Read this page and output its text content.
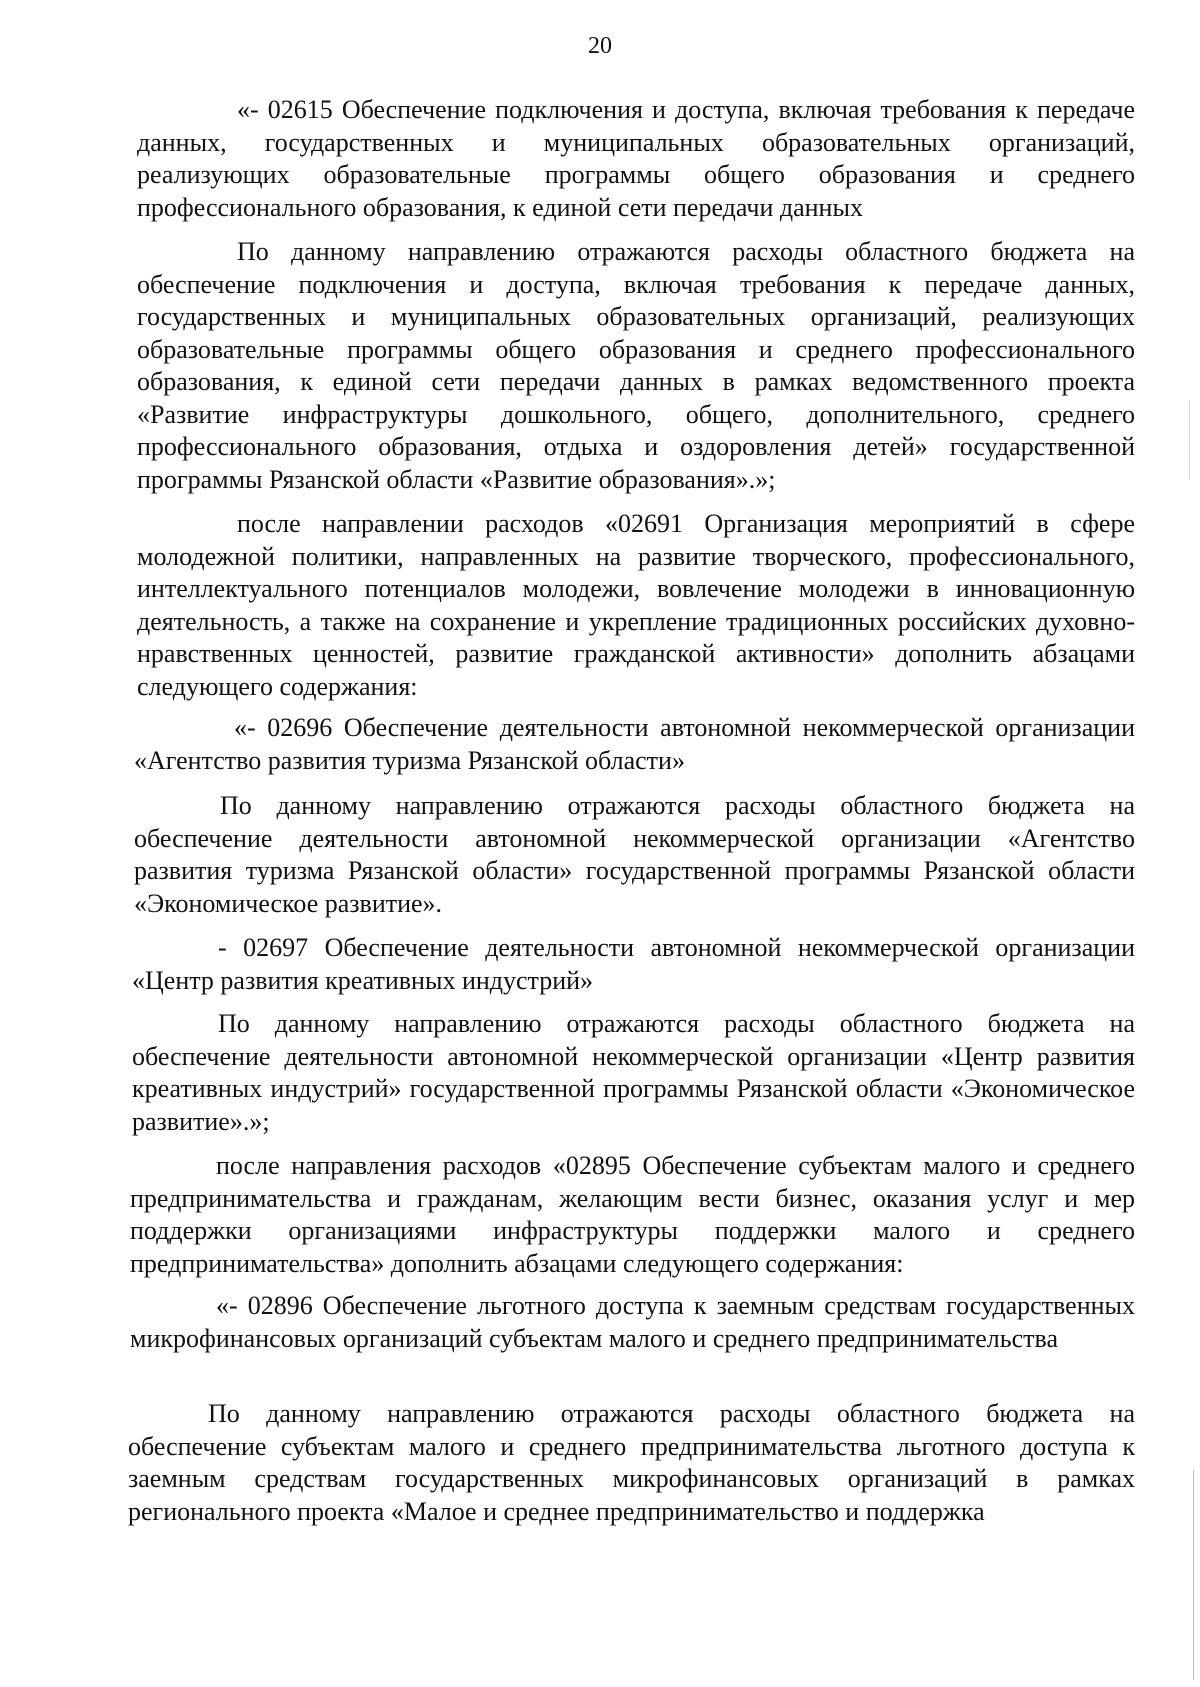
20

«- 02615 Обеспечение подключения и доступа, включая требования к передаче данных, государственных и муниципальных образовательных организаций, реализующих образовательные программы общего образования и среднего профессионального образования, к единой сети передачи данных

По данному направлению отражаются расходы областного бюджета на обеспечение подключения и доступа, включая требования к передаче данных, государственных и муниципальных образовательных организаций, реализующих образовательные программы общего образования и среднего профессионального образования, к единой сети передачи данных в рамках ведомственного проекта «Развитие инфраструктуры дошкольного, общего, дополнительного, среднего профессионального образования, отдыха и оздоровления детей» государственной программы Рязанской области «Развитие образования».»;

после направлении расходов «02691 Организация мероприятий в сфере молодежной политики, направленных на развитие творческого, профессионального, интеллектуального потенциалов молодежи, вовлечение молодежи в инновационную деятельность, а также на сохранение и укрепление традиционных российских духовно-нравственных ценностей, развитие гражданской активности» дополнить абзацами следующего содержания:

«- 02696 Обеспечение деятельности автономной некоммерческой организации «Агентство развития туризма Рязанской области»

По данному направлению отражаются расходы областного бюджета на обеспечение деятельности автономной некоммерческой организации «Агентство развития туризма Рязанской области» государственной программы Рязанской области «Экономическое развитие».

- 02697 Обеспечение деятельности автономной некоммерческой организации «Центр развития креативных индустрий»

По данному направлению отражаются расходы областного бюджета на обеспечение деятельности автономной некоммерческой организации «Центр развития креативных индустрий» государственной программы Рязанской области «Экономическое развитие».»;

после направления расходов «02895 Обеспечение субъектам малого и среднего предпринимательства и гражданам, желающим вести бизнес, оказания услуг и мер поддержки организациями инфраструктуры поддержки малого и среднего предпринимательства» дополнить абзацами следующего содержания:

«- 02896 Обеспечение льготного доступа к заемным средствам государственных микрофинансовых организаций субъектам малого и среднего предпринимательства

По данному направлению отражаются расходы областного бюджета на обеспечение субъектам малого и среднего предпринимательства льготного доступа к заемным средствам государственных микрофинансовых организаций в рамках регионального проекта «Малое и среднее предпринимательство и поддержка
